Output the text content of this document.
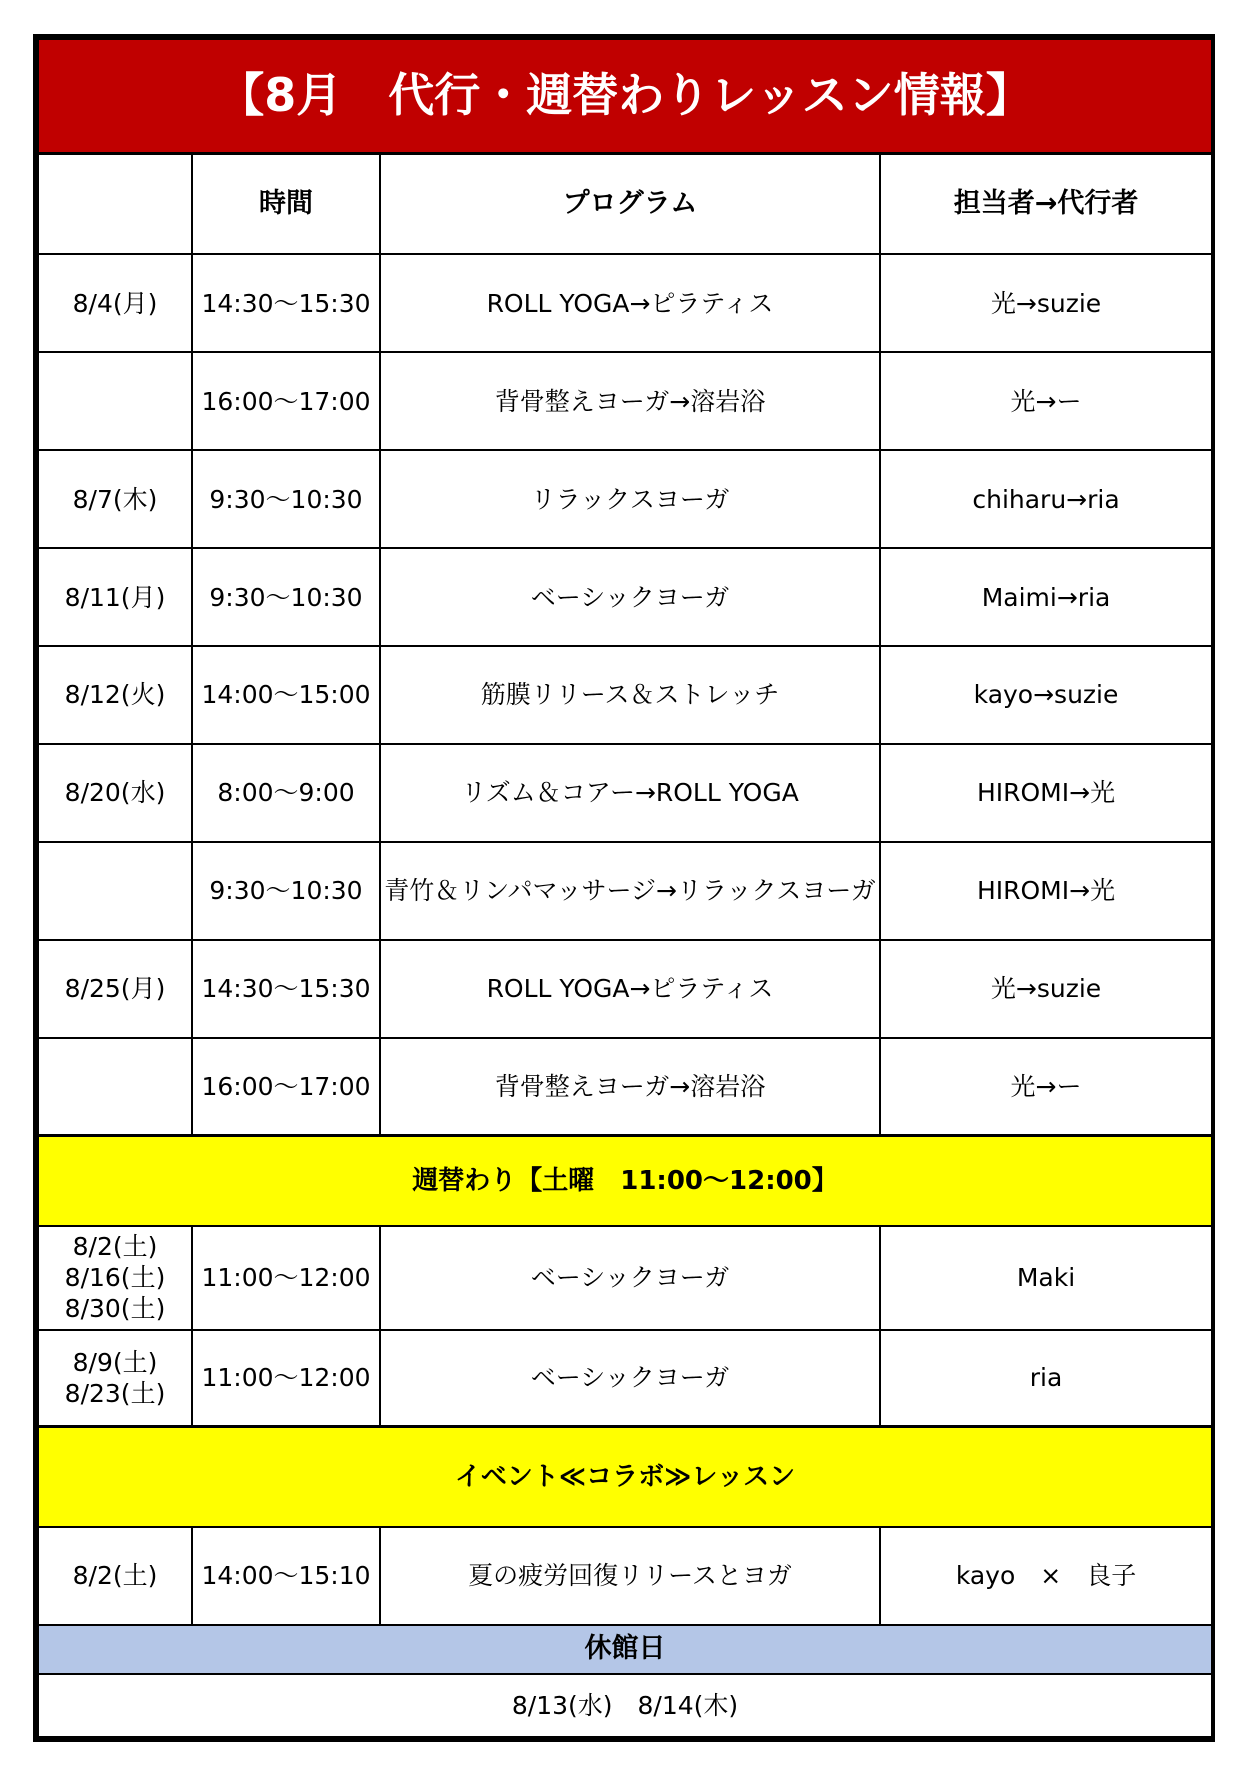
【8月　代行・週替わりレッスン情報】			
	時間	プログラム	担当者→代行者
8/4(月)	14:30～15:30	ROLL YOGA→ピラティス	光→suzie
	16:00～17:00	背骨整えヨーガ→溶岩浴	光→ー
8/7(木)	9:30～10:30	リラックスヨーガ	chiharu→ria
8/11(月)	9:30～10:30	ベーシックヨーガ	Maimi→ria
8/12(火)	14:00～15:00	筋膜リリース＆ストレッチ	kayo→suzie
8/20(水)	8:00～9:00	リズム＆コアー→ROLL YOGA	HIROMI→光
	9:30～10:30	青竹＆リンパマッサージ→リラックスヨーガ	HIROMI→光
8/25(月)	14:30～15:30	ROLL YOGA→ピラティス	光→suzie
	16:00～17:00	背骨整えヨーガ→溶岩浴	光→ー
週替わり【土曜　11:00～12:00】			

8/2(土)
8/16(土)
8/30(土)	11:00～12:00	ベーシックヨーガ	Maki

8/9(土)
8/23(土)	11:00～12:00	ベーシックヨーガ	ria
イベント≪コラボ≫レッスン			
8/2(土)	14:00～15:10	夏の疲労回復リリースとヨガ	kayo　×　良子
休館日			
8/13(水)　8/14(木)			
